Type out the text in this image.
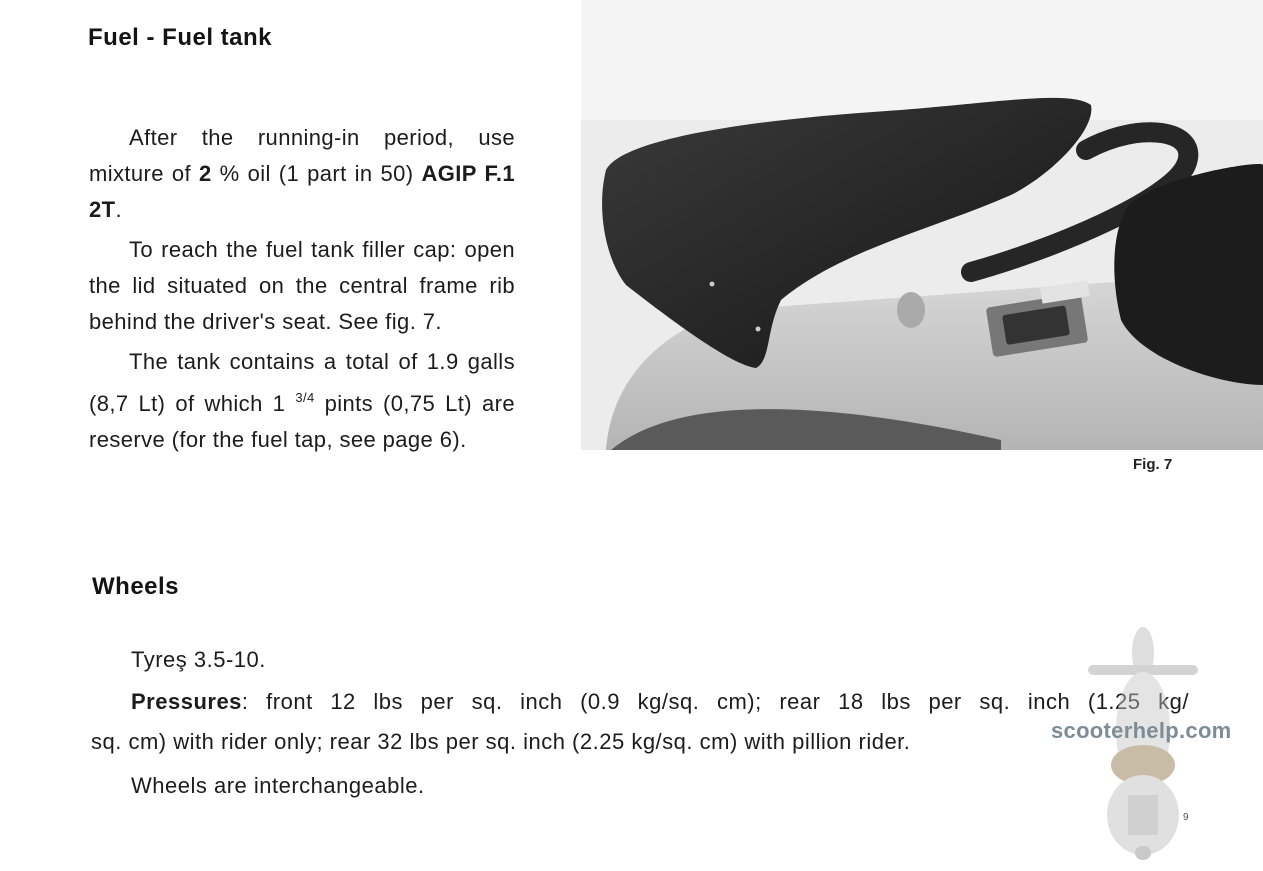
Fuel - Fuel tank

After the running-in period, use mixture of 2 % oil (1 part in 50) AGIP F.1 2T.

To reach the fuel tank filler cap: open the lid situated on the central frame rib behind the driver's seat. See fig. 7.

The tank contains a total of 1.9 galls (8,7 Lt) of which 1 $^{3/4}$ pints (0,75 Lt) are reserve (for the fuel tap, see page 6).

Fig. 7

Wheels

Tyreş 3.5-10.

Pressures: front 12 lbs per sq. inch (0.9 kg/sq. cm); rear 18 lbs per sq. inch (1.25 kg/

sq. cm) with rider only; rear 32 lbs per sq. inch (2.25 kg/sq. cm) with pillion rider.

Wheels are interchangeable.

scooterhelp.com

9
